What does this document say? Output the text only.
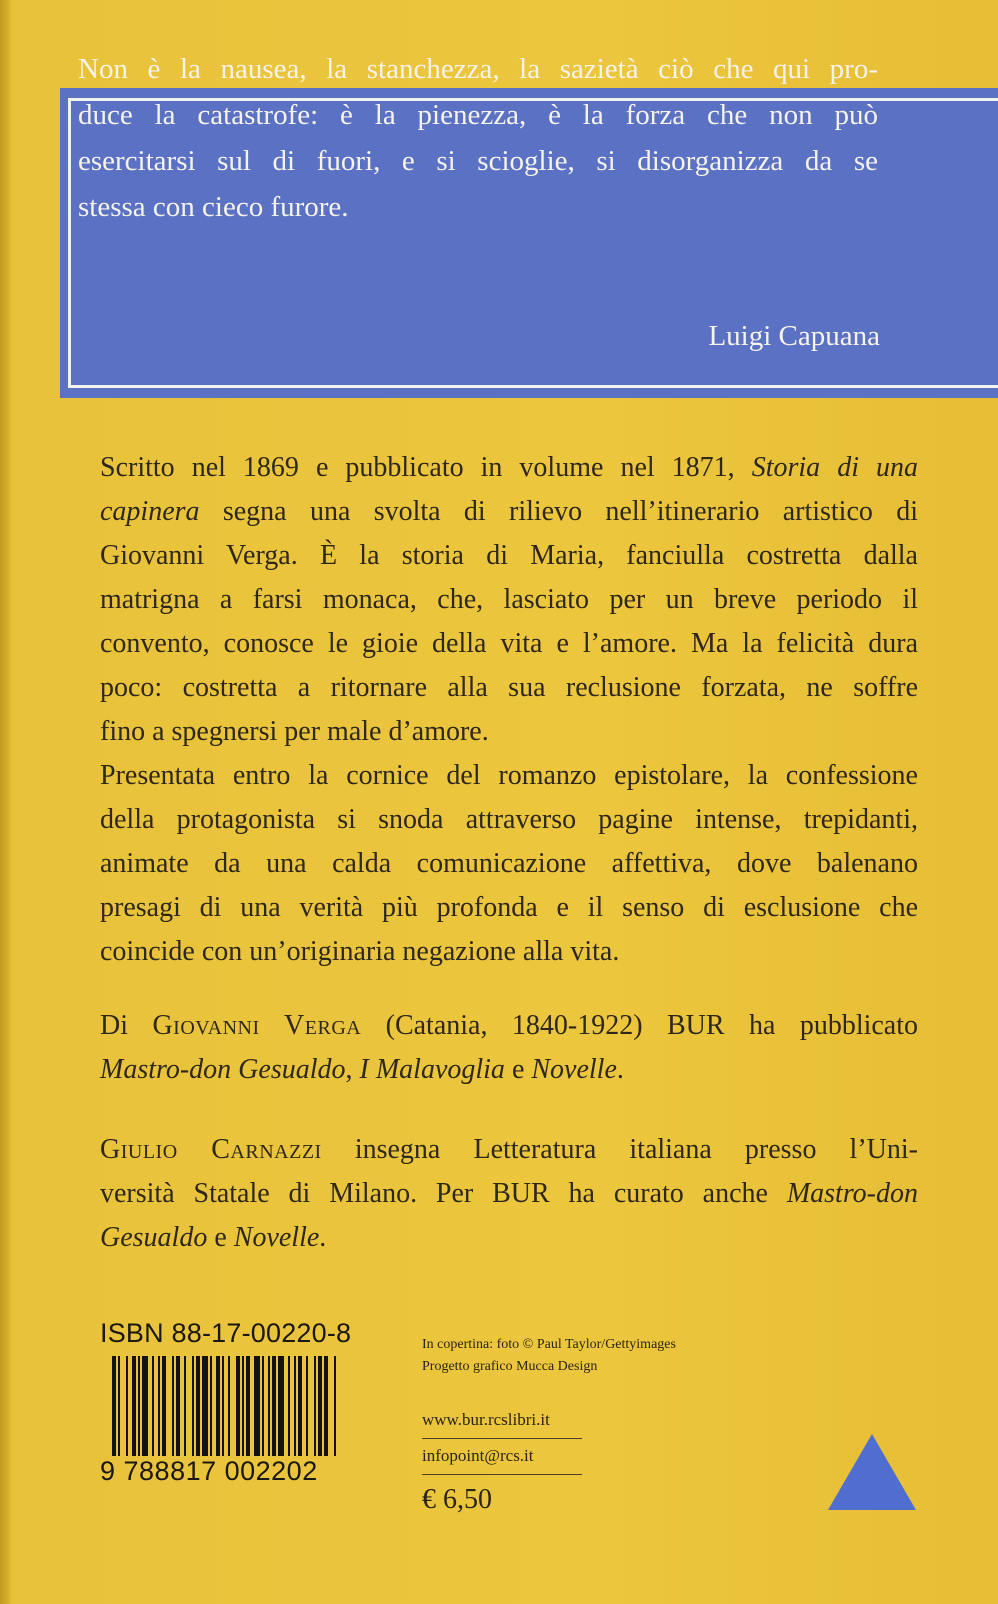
Non è la nausea, la stanchezza, la sazietà ciò che qui pro-
duce la catastrofe: è la pienezza, è la forza che non può
esercitarsi sul di fuori, e si scioglie, si disorganizza da se
stessa con cieco furore.
Luigi Capuana
Scritto nel 1869 e pubblicato in volume nel 1871, Storia di una
capinera segna una svolta di rilievo nell’itinerario artistico di
Giovanni Verga. È la storia di Maria, fanciulla costretta dalla
matrigna a farsi monaca, che, lasciato per un breve periodo il
convento, conosce le gioie della vita e l’amore. Ma la felicità dura
poco: costretta a ritornare alla sua reclusione forzata, ne soffre
fino a spegnersi per male d’amore.
Presentata entro la cornice del romanzo epistolare, la confessione
della protagonista si snoda attraverso pagine intense, trepidanti,
animate da una calda comunicazione affettiva, dove balenano
presagi di una verità più profonda e il senso di esclusione che
coincide con un’originaria negazione alla vita.
Di Giovanni Verga (Catania, 1840-1922) BUR ha pubblicato
Mastro-don Gesualdo, I Malavoglia e Novelle.
Giulio Carnazzi insegna Letteratura italiana presso l’Uni-
versità Statale di Milano. Per BUR ha curato anche Mastro-don
Gesualdo e Novelle.
ISBN 88-17-00220-8
9 788817 002202
In copertina: foto © Paul Taylor/Gettyimages
Progetto grafico Mucca Design
www.bur.rcslibri.it
infopoint@rcs.it
€ 6,50
